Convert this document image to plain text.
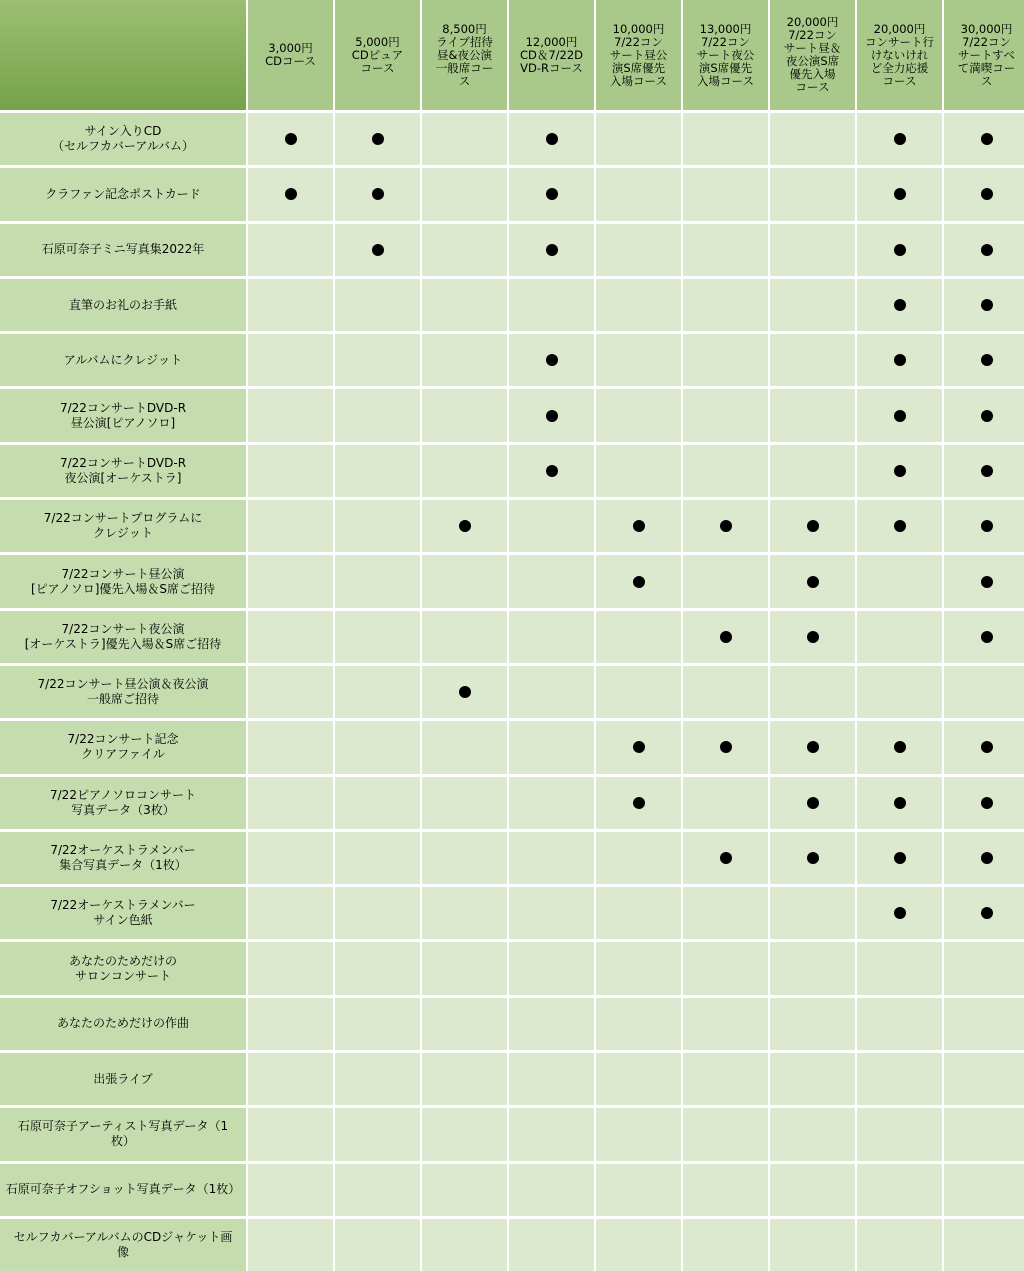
3,000円
CDコース
5,000円
CDピュア
コース
8,500円
ライブ招待
昼&夜公演
一般席コー
ス
12,000円
CD＆7/22D
VD-Rコース
10,000円
7/22コン
サート昼公
演S席優先
入場コース
13,000円
7/22コン
サート夜公
演S席優先
入場コース
20,000円
7/22コン
サート昼＆
夜公演S席
優先入場
コース
20,000円
コンサート行
けないけれ
ど全力応援
コース
30,000円
7/22コン
サートすべ
て満喫コー
ス
サイン入りCD
（セルフカバーアルバム）
クラファン記念ポストカード
石原可奈子ミニ写真集2022年
直筆のお礼のお手紙
アルバムにクレジット
7/22コンサートDVD-R
昼公演[ピアノソロ]
7/22コンサートDVD-R
夜公演[オーケストラ]
7/22コンサートプログラムに
クレジット
7/22コンサート昼公演
[ピアノソロ]優先入場＆S席ご招待
7/22コンサート夜公演
[オーケストラ]優先入場＆S席ご招待
7/22コンサート昼公演＆夜公演
一般席ご招待
7/22コンサート記念
クリアファイル
7/22ピアノソロコンサート
写真データ（3枚）
7/22オーケストラメンバー
集合写真データ（1枚）
7/22オーケストラメンバー
サイン色紙
あなたのためだけの
サロンコンサート
あなたのためだけの作曲
出張ライブ
石原可奈子アーティスト写真データ（1
枚）
石原可奈子オフショット写真データ（1枚）
セルフカバーアルバムのCDジャケット画
像
